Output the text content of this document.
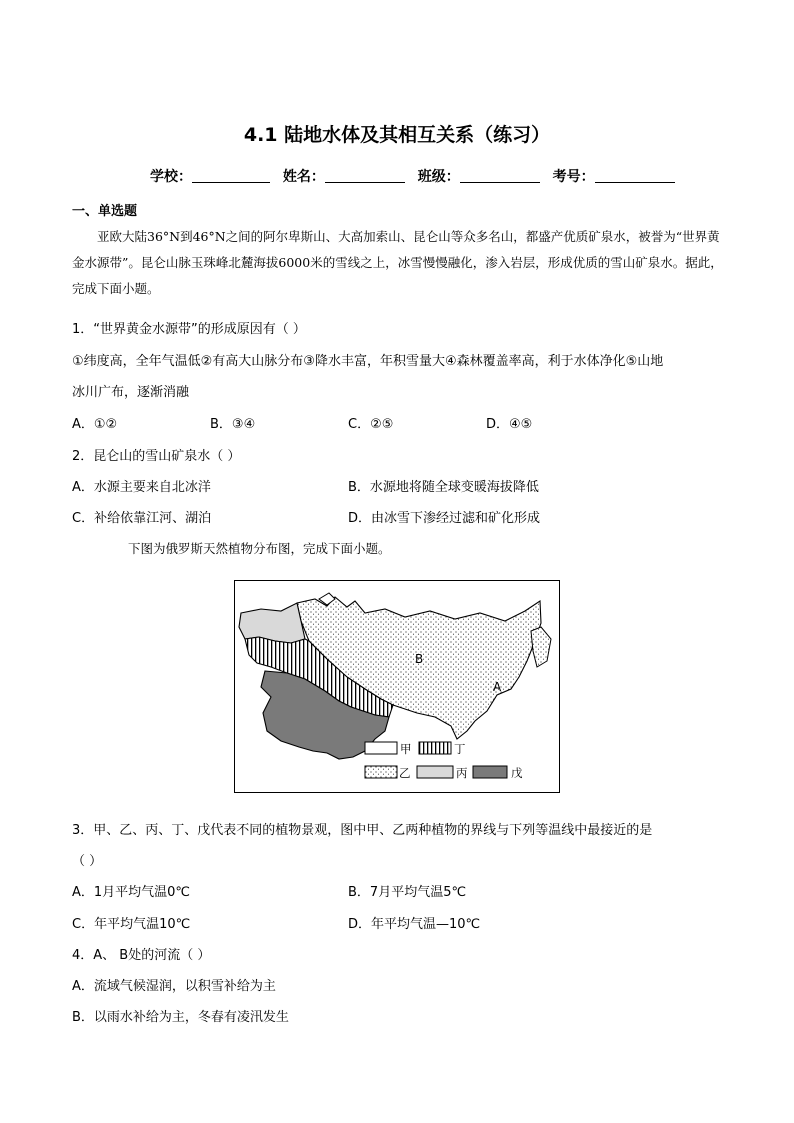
4.1 陆地水体及其相互关系（练习）
学校：	姓名：	班级：	考号：
一、单选题
亚欧大陆36°N到46°N之间的阿尔卑斯山、大高加索山、昆仑山等众多名山，都盛产优质矿泉水，被誉为“世界黄金水源带”。昆仑山脉玉珠峰北麓海拔6000米的雪线之上，冰雪慢慢融化，渗入岩层，形成优质的雪山矿泉水。据此，完成下面小题。
1．“世界黄金水源带”的形成原因有（ ）
①纬度高，全年气温低②有高大山脉分布③降水丰富，年积雪量大④森林覆盖率高，利于水体净化⑤山地
冰川广布，逐渐消融
A．①②	B．③④	C．②⑤	D．④⑤
2．昆仑山的雪山矿泉水（ ）
A．水源主要来自北冰洋	B．水源地将随全球变暖海拔降低
C．补给依靠江河、湖泊	D．由冰雪下渗经过滤和矿化形成
下图为俄罗斯天然植物分布图，完成下面小题。
B
A
甲	丁
乙	丙	戊
3．甲、乙、丙、丁、戊代表不同的植物景观，图中甲、乙两种植物的界线与下列等温线中最接近的是
（ ）
A．1月平均气温0℃	B．7月平均气温5℃
C．年平均气温10℃	D．年平均气温—10℃
4．A、 B处的河流（ ）
A．流域气候湿润，以积雪补给为主
B．以雨水补给为主，冬春有凌汛发生
